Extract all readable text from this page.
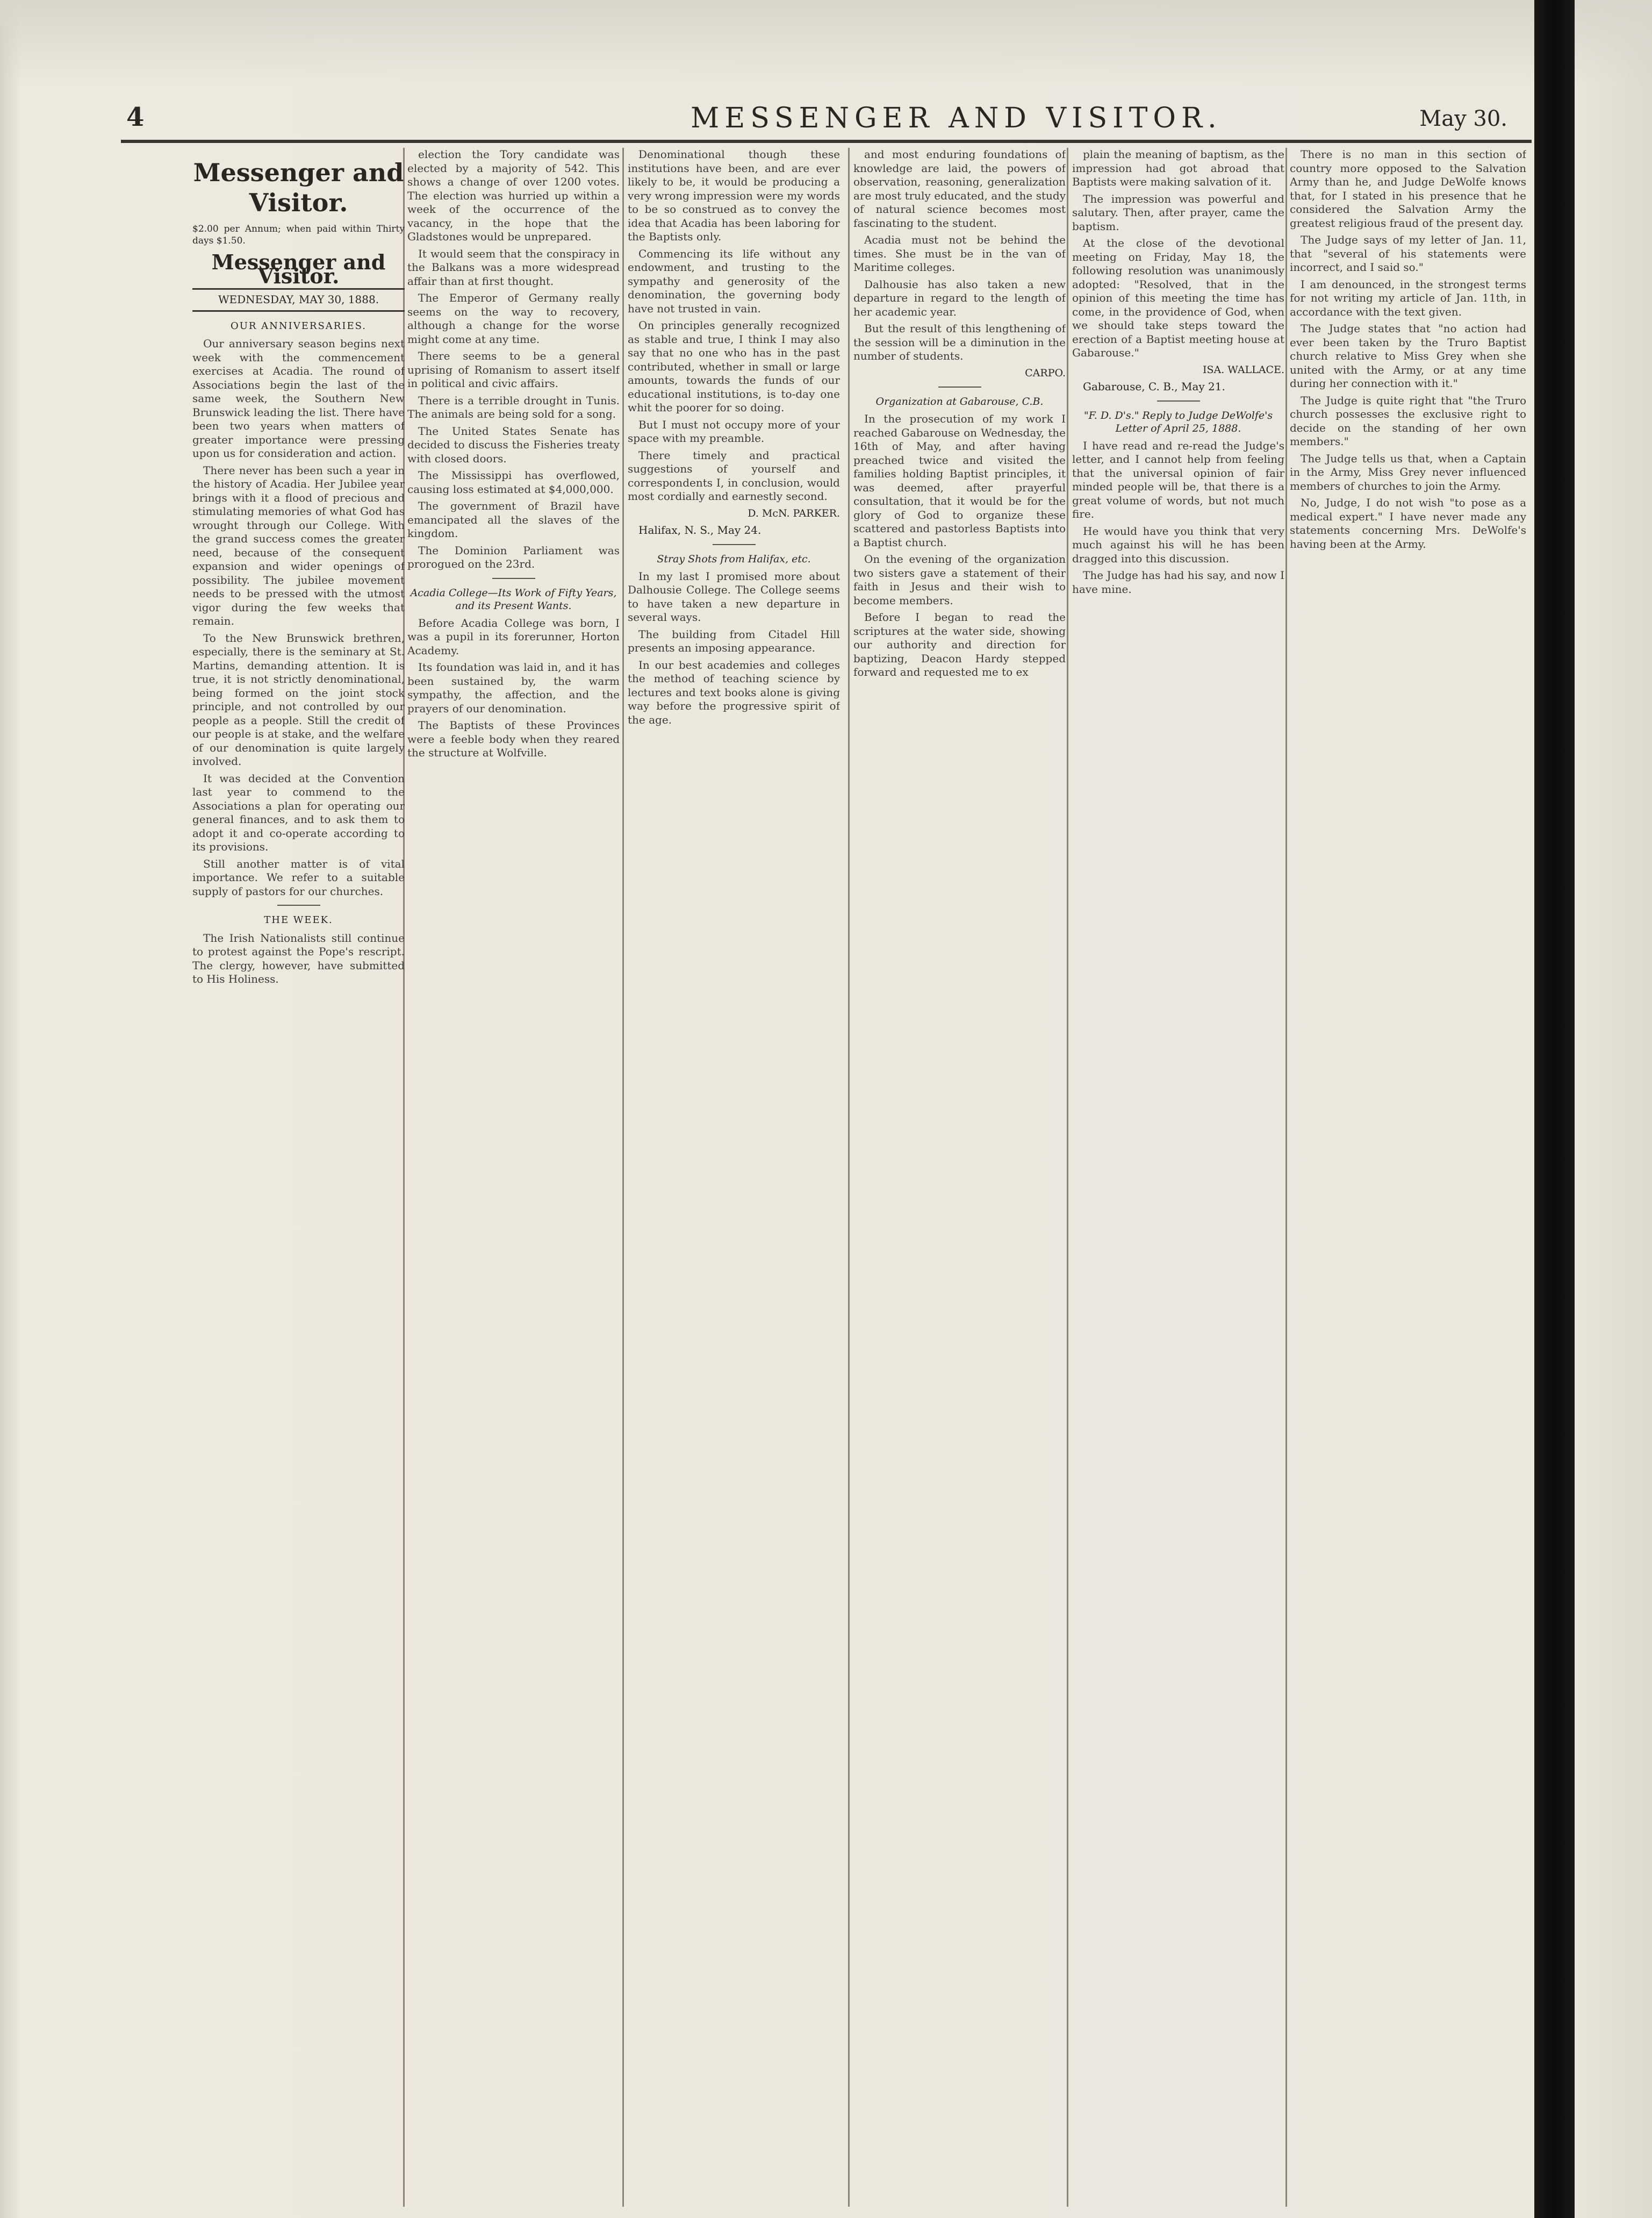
4	MESSENGER AND VISITOR.	May 30.
Messenger and Visitor.
$2.00 per Annum; when paid within Thirty days $1.50.
Messenger and Visitor.
WEDNESDAY, MAY 30, 1888.
OUR ANNIVERSARIES.

Our anniversary season begins next week with the commencement exercises at Acadia. The round of Associations begin the last of the same week, the Southern New Brunswick leading the list. There have been two years when matters of greater importance were pressing upon us for consideration and action.

There never has been such a year in the history of Acadia. Her Jubilee year brings with it a flood of precious and stimulating memories of what God has wrought through our College. With the grand success comes the greater need, because of the consequent expansion and wider openings of possibility. The jubilee movement needs to be pressed with the utmost vigor during the few weeks that remain.

To the New Brunswick brethren, especially, there is the seminary at St. Martins, demanding attention. It is true, it is not strictly denominational, being formed on the joint stock principle, and not controlled by our people as a people. Still the credit of our people is at stake, and the welfare of our denomination is quite largely involved.

It was decided at the Convention last year to commend to the Associations a plan for operating our general finances, and to ask them to adopt it and co-operate according to its provisions.

Still another matter is of vital importance. We refer to a suitable supply of pastors for our churches.

THE WEEK.

The Irish Nationalists still continue to protest against the Pope's rescript. The clergy, however, have submitted to His Holiness.

election the Tory candidate was elected by a majority of 542. This shows a change of over 1200 votes. The election was hurried up within a week of the occurrence of the vacancy, in the hope that the Gladstones would be unprepared.

It would seem that the conspiracy in the Balkans was a more widespread affair than at first thought.

The Emperor of Germany really seems on the way to recovery, although a change for the worse might come at any time.

There seems to be a general uprising of Romanism to assert itself in political and civic affairs.

There is a terrible drought in Tunis. The animals are being sold for a song.

The United States Senate has decided to discuss the Fisheries treaty with closed doors.

The Mississippi has overflowed, causing loss estimated at $4,000,000.

The government of Brazil have emancipated all the slaves of the kingdom.

The Dominion Parliament was prorogued on the 23rd.

Acadia College—Its Work of Fifty Years, and its Present Wants.

Before Acadia College was born, I was a pupil in its forerunner, Horton Academy.

Its foundation was laid in, and it has been sustained by, the warm sympathy, the affection, and the prayers of our denomination.

The Baptists of these Provinces were a feeble body when they reared the structure at Wolfville.

Denominational though these institutions have been, and are ever likely to be, it would be producing a very wrong impression were my words to be so construed as to convey the idea that Acadia has been laboring for the Baptists only.

Commencing its life without any endowment, and trusting to the sympathy and generosity of the denomination, the governing body have not trusted in vain.

On principles generally recognized as stable and true, I think I may also say that no one who has in the past contributed, whether in small or large amounts, towards the funds of our educational institutions, is to-day one whit the poorer for so doing.

But I must not occupy more of your space with my preamble.

There timely and practical suggestions of yourself and correspondents I, in conclusion, would most cordially and earnestly second.

D. McN. PARKER.
Halifax, N. S., May 24.
Stray Shots from Halifax, etc.

In my last I promised more about Dalhousie College. The College seems to have taken a new departure in several ways.

The building from Citadel Hill presents an imposing appearance.

In our best academies and colleges the method of teaching science by lectures and text books alone is giving way before the progressive spirit of the age.

and most enduring foundations of knowledge are laid, the powers of observation, reasoning, generalization are most truly educated, and the study of natural science becomes most fascinating to the student.

Acadia must not be behind the times. She must be in the van of Maritime colleges.

Dalhousie has also taken a new departure in regard to the length of her academic year.

But the result of this lengthening of the session will be a diminution in the number of students.

CARPO.
Organization at Gabarouse, C.B.

In the prosecution of my work I reached Gabarouse on Wednesday, the 16th of May, and after having preached twice and visited the families holding Baptist principles, it was deemed, after prayerful consultation, that it would be for the glory of God to organize these scattered and pastorless Baptists into a Baptist church.

On the evening of the organization two sisters gave a statement of their faith in Jesus and their wish to become members.

Before I began to read the scriptures at the water side, showing our authority and direction for baptizing, Deacon Hardy stepped forward and requested me to ex

plain the meaning of baptism, as the impression had got abroad that Baptists were making salvation of it.

The impression was powerful and salutary. Then, after prayer, came the baptism.

At the close of the devotional meeting on Friday, May 18, the following resolution was unanimously adopted: "Resolved, that in the opinion of this meeting the time has come, in the providence of God, when we should take steps toward the erection of a Baptist meeting house at Gabarouse."

ISA. WALLACE.
Gabarouse, C. B., May 21.
"F. D. D's." Reply to Judge DeWolfe's Letter of April 25, 1888.

I have read and re-read the Judge's letter, and I cannot help from feeling that the universal opinion of fair minded people will be, that there is a great volume of words, but not much fire.

He would have you think that very much against his will he has been dragged into this discussion.

The Judge has had his say, and now I have mine.

There is no man in this section of country more opposed to the Salvation Army than he, and Judge DeWolfe knows that, for I stated in his presence that he considered the Salvation Army the greatest religious fraud of the present day.

The Judge says of my letter of Jan. 11, that "several of his statements were incorrect, and I said so."

I am denounced, in the strongest terms for not writing my article of Jan. 11th, in accordance with the text given.

The Judge states that "no action had ever been taken by the Truro Baptist church relative to Miss Grey when she united with the Army, or at any time during her connection with it."

The Judge is quite right that "the Truro church possesses the exclusive right to decide on the standing of her own members."

The Judge tells us that, when a Captain in the Army, Miss Grey never influenced members of churches to join the Army.

No, Judge, I do not wish "to pose as a medical expert." I have never made any statements concerning Mrs. DeWolfe's having been at the Army.
